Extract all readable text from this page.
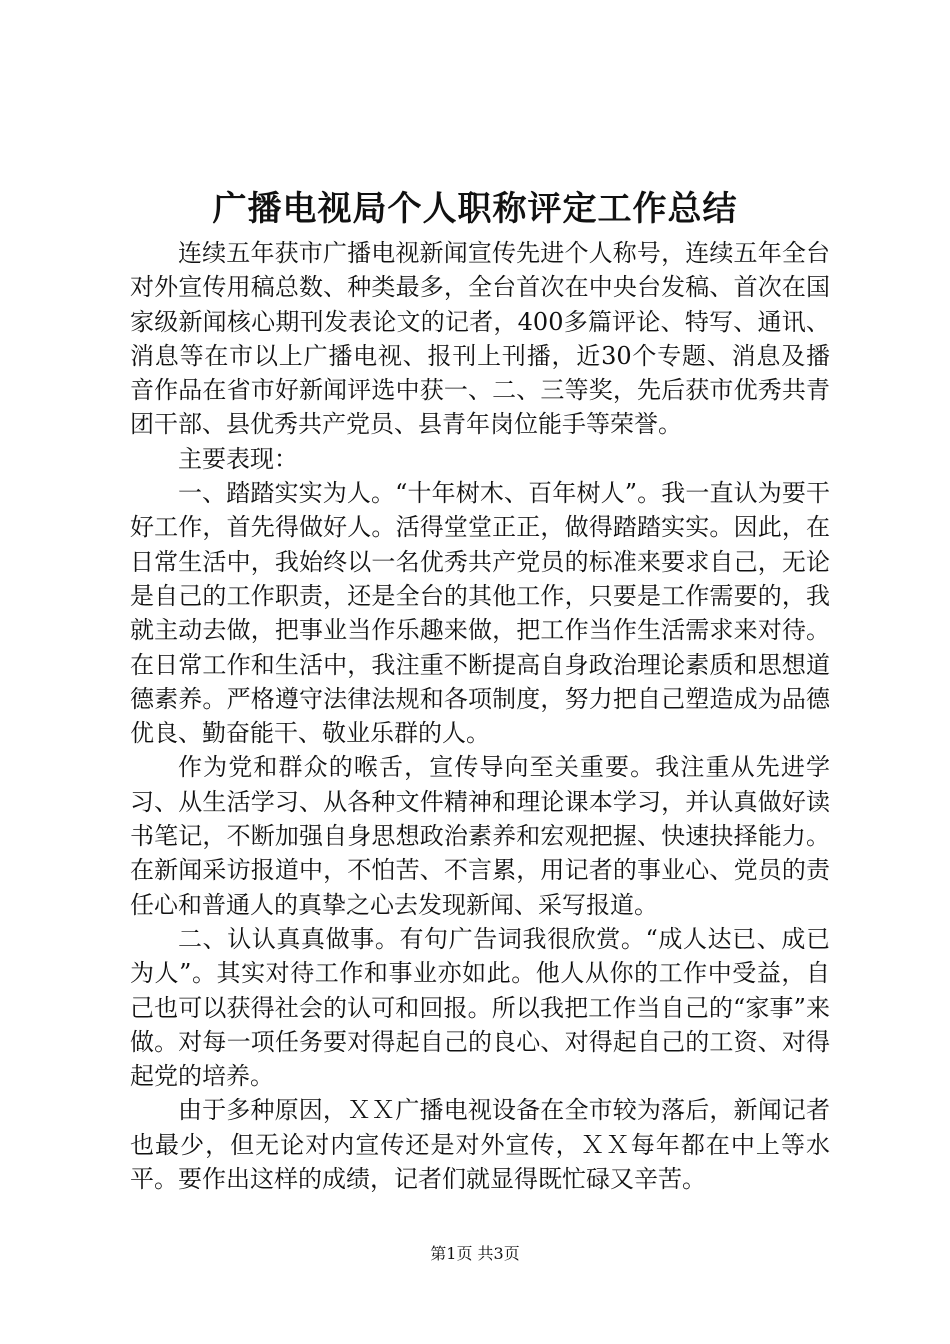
广播电视局个人职称评定工作总结

连续五年获市广播电视新闻宣传先进个人称号，连续五年全台对外宣传用稿总数、种类最多，全台首次在中央台发稿、首次在国家级新闻核心期刊发表论文的记者，400多篇评论、特写、通讯、消息等在市以上广播电视、报刊上刊播，近30个专题、消息及播音作品在省市好新闻评选中获一、二、三等奖，先后获市优秀共青团干部、县优秀共产党员、县青年岗位能手等荣誉。

主要表现：

一、踏踏实实为人。“十年树木、百年树人”。我一直认为要干好工作，首先得做好人。活得堂堂正正，做得踏踏实实。因此，在日常生活中，我始终以一名优秀共产党员的标准来要求自己，无论是自己的工作职责，还是全台的其他工作，只要是工作需要的，我就主动去做，把事业当作乐趣来做，把工作当作生活需求来对待。在日常工作和生活中，我注重不断提高自身政治理论素质和思想道德素养。严格遵守法律法规和各项制度，努力把自己塑造成为品德优良、勤奋能干、敬业乐群的人。

作为党和群众的喉舌，宣传导向至关重要。我注重从先进学习、从生活学习、从各种文件精神和理论课本学习，并认真做好读书笔记，不断加强自身思想政治素养和宏观把握、快速抉择能力。在新闻采访报道中，不怕苦、不言累，用记者的事业心、党员的责任心和普通人的真挚之心去发现新闻、采写报道。

二、认认真真做事。有句广告词我很欣赏。“成人达已、成已为人”。其实对待工作和事业亦如此。他人从你的工作中受益，自己也可以获得社会的认可和回报。所以我把工作当自己的“家事”来做。对每一项任务要对得起自己的良心、对得起自己的工资、对得起党的培养。

由于多种原因，ＸＸ广播电视设备在全市较为落后，新闻记者也最少，但无论对内宣传还是对外宣传，ＸＸ每年都在中上等水平。要作出这样的成绩，记者们就显得既忙碌又辛苦。

第1页 共3页
